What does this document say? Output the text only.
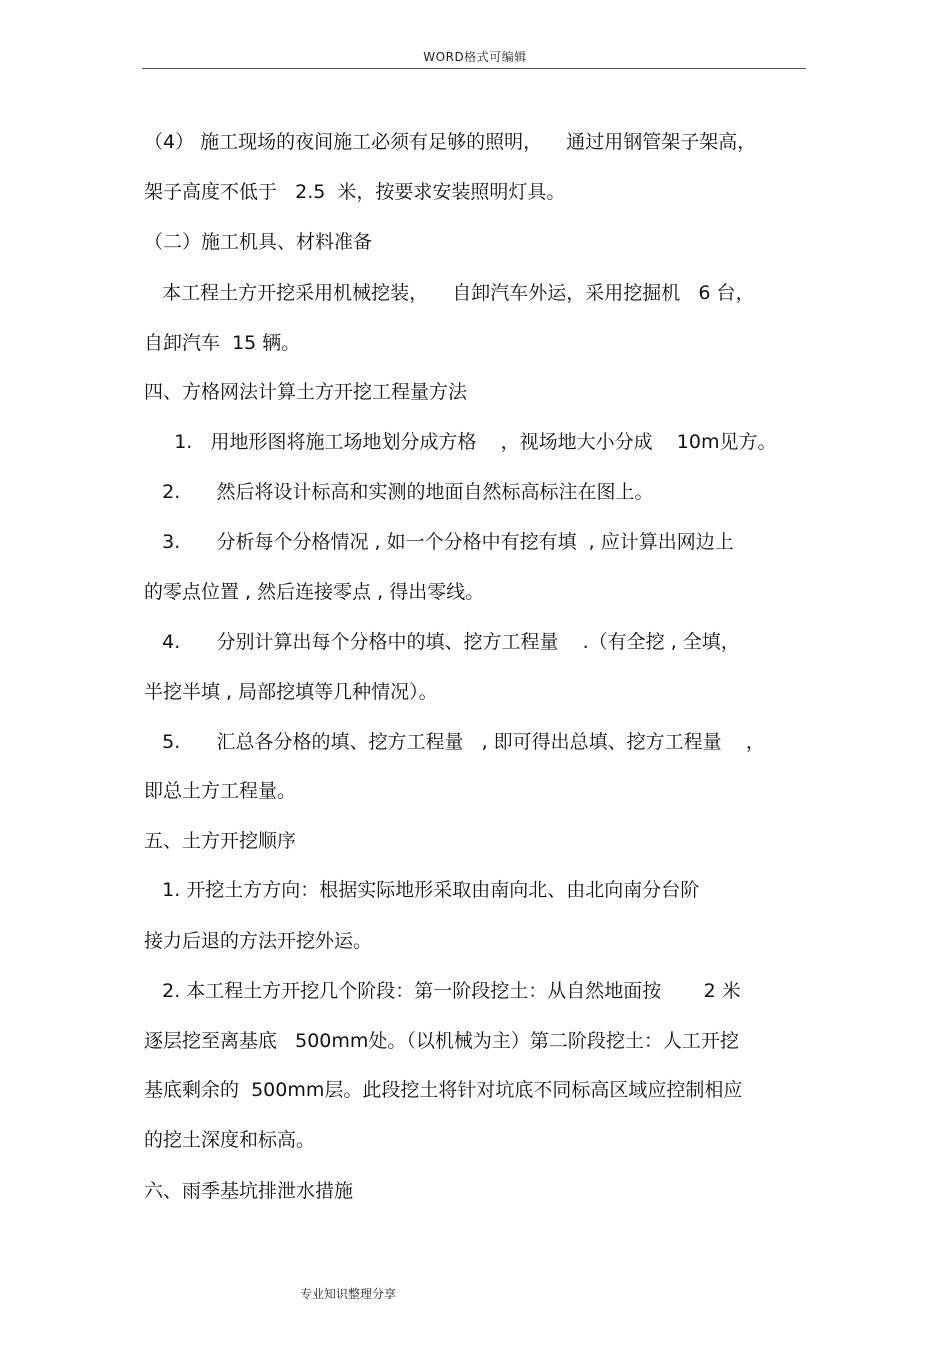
WORD格式可编辑
（4） 施工现场的夜间施工必须有足够的照明，    通过用钢管架子架高，
架子高度不低于   2.5  米，按要求安装照明灯具。
（二）施工机具、材料准备
本工程土方开挖采用机械挖装，    自卸汽车外运，采用挖掘机   6 台，
自卸汽车  15 辆。
四、方格网法计算土方开挖工程量方法
1.   用地形图将施工场地划分成方格    ，视场地大小分成    10m见方。
2.      然后将设计标高和实测的地面自然标高标注在图上。
3.      分析每个分格情况 , 如一个分格中有挖有填  , 应计算出网边上
的零点位置 , 然后连接零点 , 得出零线。
4.      分别计算出每个分格中的填、挖方工程量    .（有全挖 , 全填，
半挖半填 , 局部挖填等几种情况）。
5.      汇总各分格的填、挖方工程量   , 即可得出总填、挖方工程量    ，
即总土方工程量。
五、土方开挖顺序
1. 开挖土方方向：根据实际地形采取由南向北、由北向南分台阶
接力后退的方法开挖外运。
2. 本工程土方开挖几个阶段：第一阶段挖土：从自然地面按       2 米
逐层挖至离基底   500mm处。（以机械为主）第二阶段挖土：人工开挖
基底剩余的  500mm层。此段挖土将针对坑底不同标高区域应控制相应
的挖土深度和标高。
六、雨季基坑排泄水措施
专业知识整理分享
